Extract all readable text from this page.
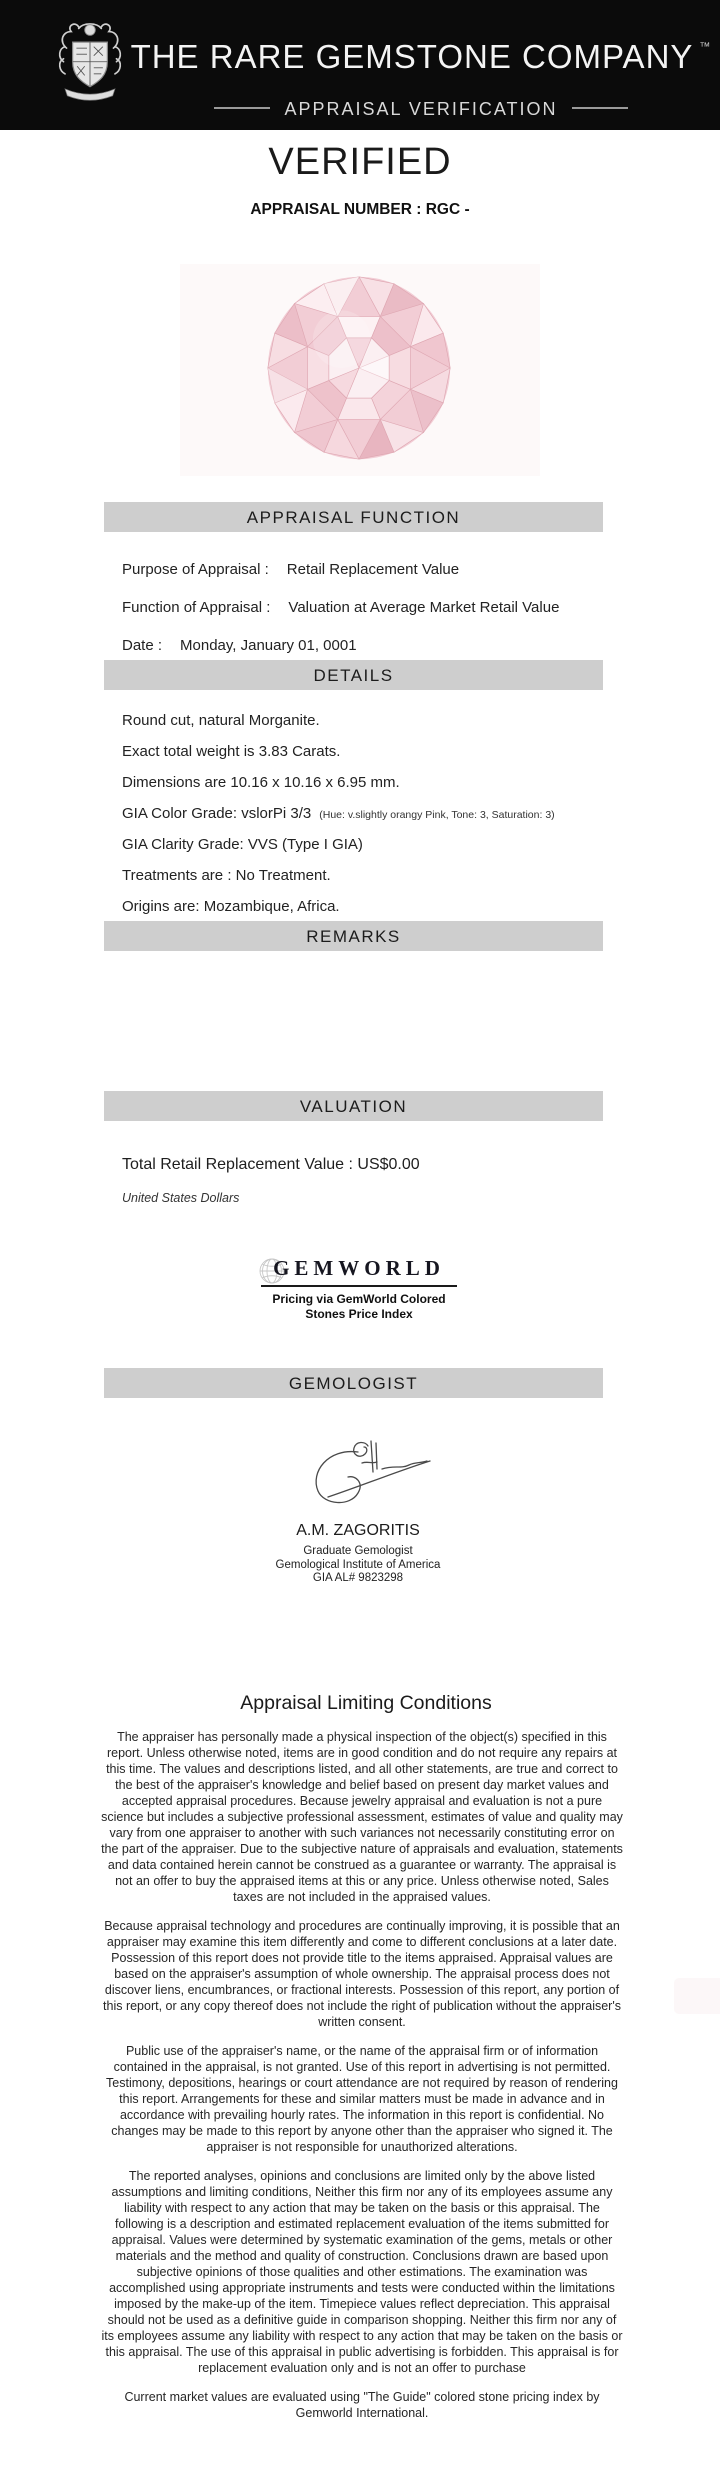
THE RARE GEMSTONE COMPANY ™
APPRAISAL VERIFICATION
VERIFIED
APPRAISAL NUMBER : RGC -
APPRAISAL FUNCTION
Purpose of Appraisal : Retail Replacement Value
Function of Appraisal : Valuation at Average Market Retail Value
Date : Monday, January 01, 0001
DETAILS
Round cut, natural Morganite.
Exact total weight is 3.83 Carats.
Dimensions are 10.16 x 10.16 x 6.95 mm.
GIA Color Grade: vslorPi 3/3 (Hue: v.slightly orangy Pink, Tone: 3, Saturation: 3)
GIA Clarity Grade: VVS (Type I GIA)
Treatments are : No Treatment.
Origins are: Mozambique, Africa.
REMARKS
VALUATION
Total Retail Replacement Value : US$0.00
United States Dollars
GEMWORLD
Pricing via GemWorld Colored
Stones Price Index
GEMOLOGIST
A.M. ZAGORITIS
Graduate Gemologist
Gemological Institute of America
GIA AL# 9823298
Appraisal Limiting Conditions

The appraiser has personally made a physical inspection of the object(s) specified in this report. Unless otherwise noted, items are in good condition and do not require any repairs at this time. The values and descriptions listed, and all other statements, are true and correct to the best of the appraiser's knowledge and belief based on present day market values and accepted appraisal procedures. Because jewelry appraisal and evaluation is not a pure science but includes a subjective professional assessment, estimates of value and quality may vary from one appraiser to another with such variances not necessarily constituting error on the part of the appraiser. Due to the subjective nature of appraisals and evaluation, statements and data contained herein cannot be construed as a guarantee or warranty. The appraisal is not an offer to buy the appraised items at this or any price. Unless otherwise noted, Sales taxes are not included in the appraised values.

Because appraisal technology and procedures are continually improving, it is possible that an appraiser may examine this item differently and come to different conclusions at a later date. Possession of this report does not provide title to the items appraised. Appraisal values are based on the appraiser's assumption of whole ownership. The appraisal process does not discover liens, encumbrances, or fractional interests. Possession of this report, any portion of this report, or any copy thereof does not include the right of publication without the appraiser's written consent.

Public use of the appraiser's name, or the name of the appraisal firm or of information contained in the appraisal, is not granted. Use of this report in advertising is not permitted. Testimony, depositions, hearings or court attendance are not required by reason of rendering this report. Arrangements for these and similar matters must be made in advance and in accordance with prevailing hourly rates. The information in this report is confidential. No changes may be made to this report by anyone other than the appraiser who signed it. The appraiser is not responsible for unauthorized alterations.

The reported analyses, opinions and conclusions are limited only by the above listed assumptions and limiting conditions, Neither this firm nor any of its employees assume any liability with respect to any action that may be taken on the basis or this appraisal. The following is a description and estimated replacement evaluation of the items submitted for appraisal. Values were determined by systematic examination of the gems, metals or other materials and the method and quality of construction. Conclusions drawn are based upon subjective opinions of those qualities and other estimations. The examination was accomplished using appropriate instruments and tests were conducted within the limitations imposed by the make-up of the item. Timepiece values reflect depreciation. This appraisal should not be used as a definitive guide in comparison shopping. Neither this firm nor any of its employees assume any liability with respect to any action that may be taken on the basis or this appraisal. The use of this appraisal in public advertising is forbidden. This appraisal is for replacement evaluation only and is not an offer to purchase

Current market values are evaluated using "The Guide" colored stone pricing index by Gemworld International.
